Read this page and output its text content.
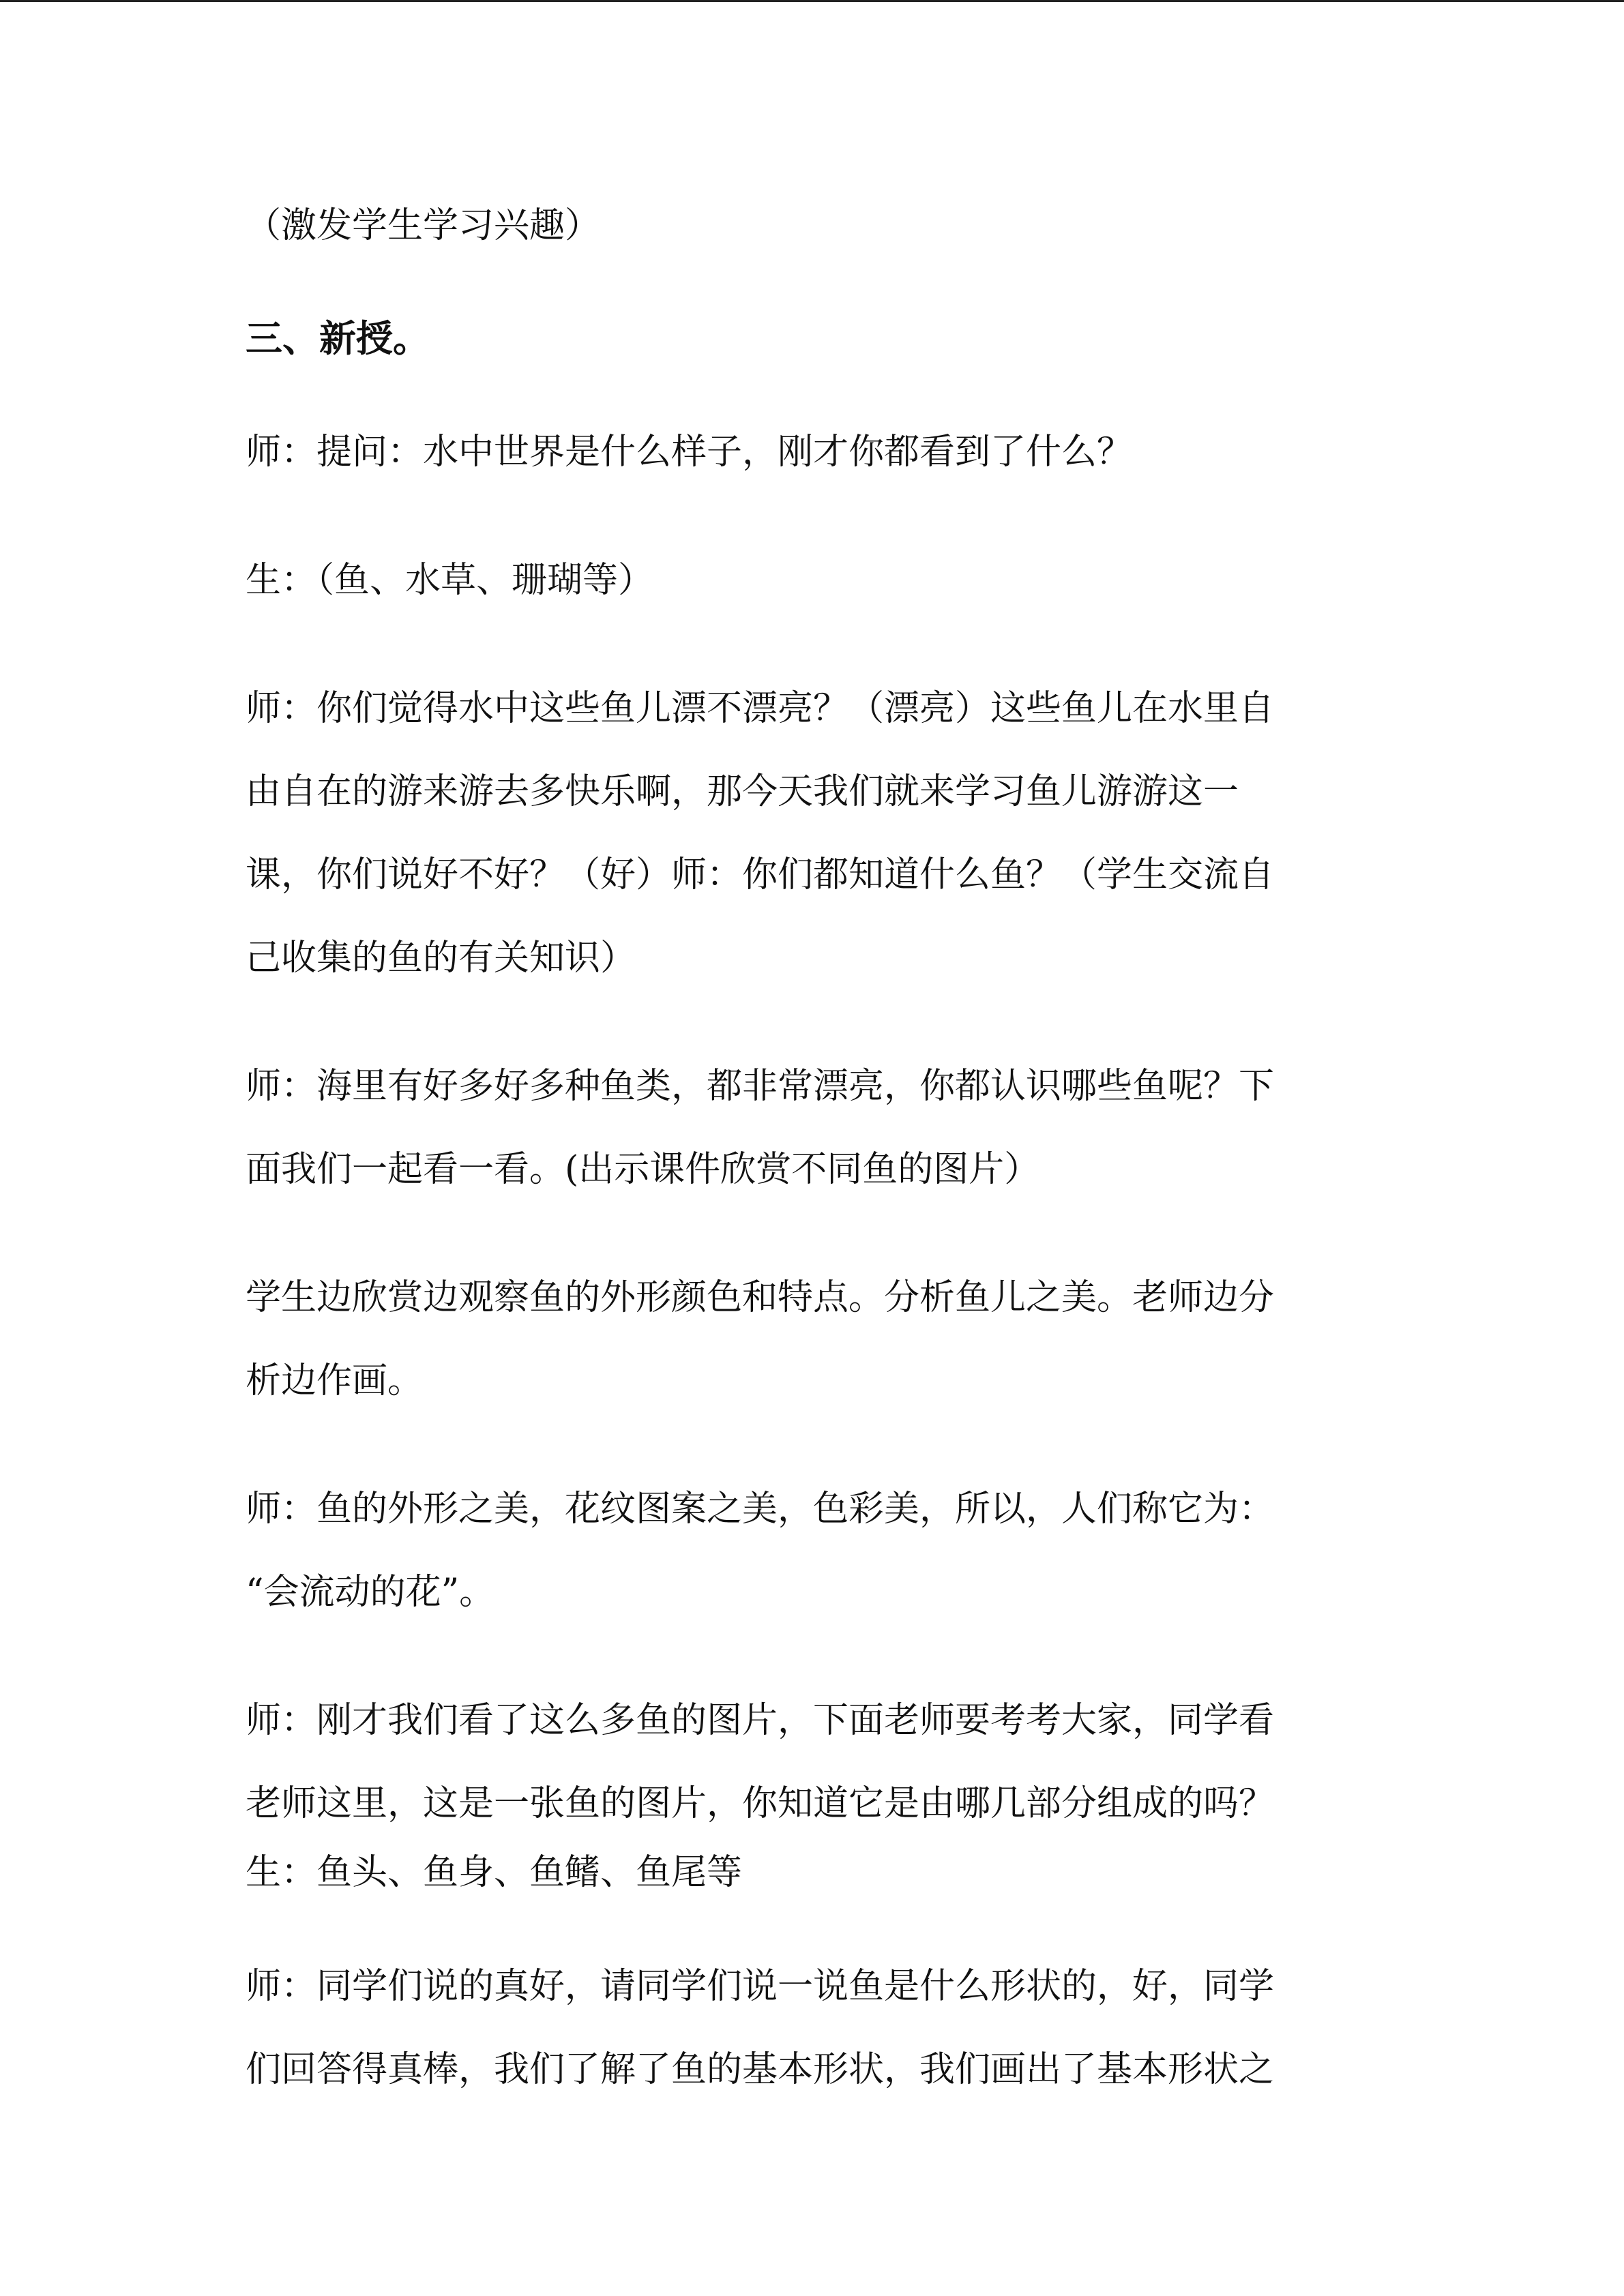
（激发学生学习兴趣）

三、新授。

师：提问：水中世界是什么样子，刚才你都看到了什么？

生：（鱼、水草、珊瑚等）

师：你们觉得水中这些鱼儿漂不漂亮？（漂亮）这些鱼儿在水里自

由自在的游来游去多快乐啊，那今天我们就来学习鱼儿游游这一

课，你们说好不好？（好）师：你们都知道什么鱼？（学生交流自

己收集的鱼的有关知识）

师：海里有好多好多种鱼类，都非常漂亮，你都认识哪些鱼呢？下

面我们一起看一看。(出示课件欣赏不同鱼的图片）

学生边欣赏边观察鱼的外形颜色和特点。分析鱼儿之美。老师边分

析边作画。

师：鱼的外形之美，花纹图案之美，色彩美，所以，人们称它为：

“会流动的花”。

师：刚才我们看了这么多鱼的图片，下面老师要考考大家，同学看

老师这里，这是一张鱼的图片，你知道它是由哪几部分组成的吗？

生：鱼头、鱼身、鱼鳍、鱼尾等

师：同学们说的真好，请同学们说一说鱼是什么形状的，好，同学

们回答得真棒，我们了解了鱼的基本形状，我们画出了基本形状之
